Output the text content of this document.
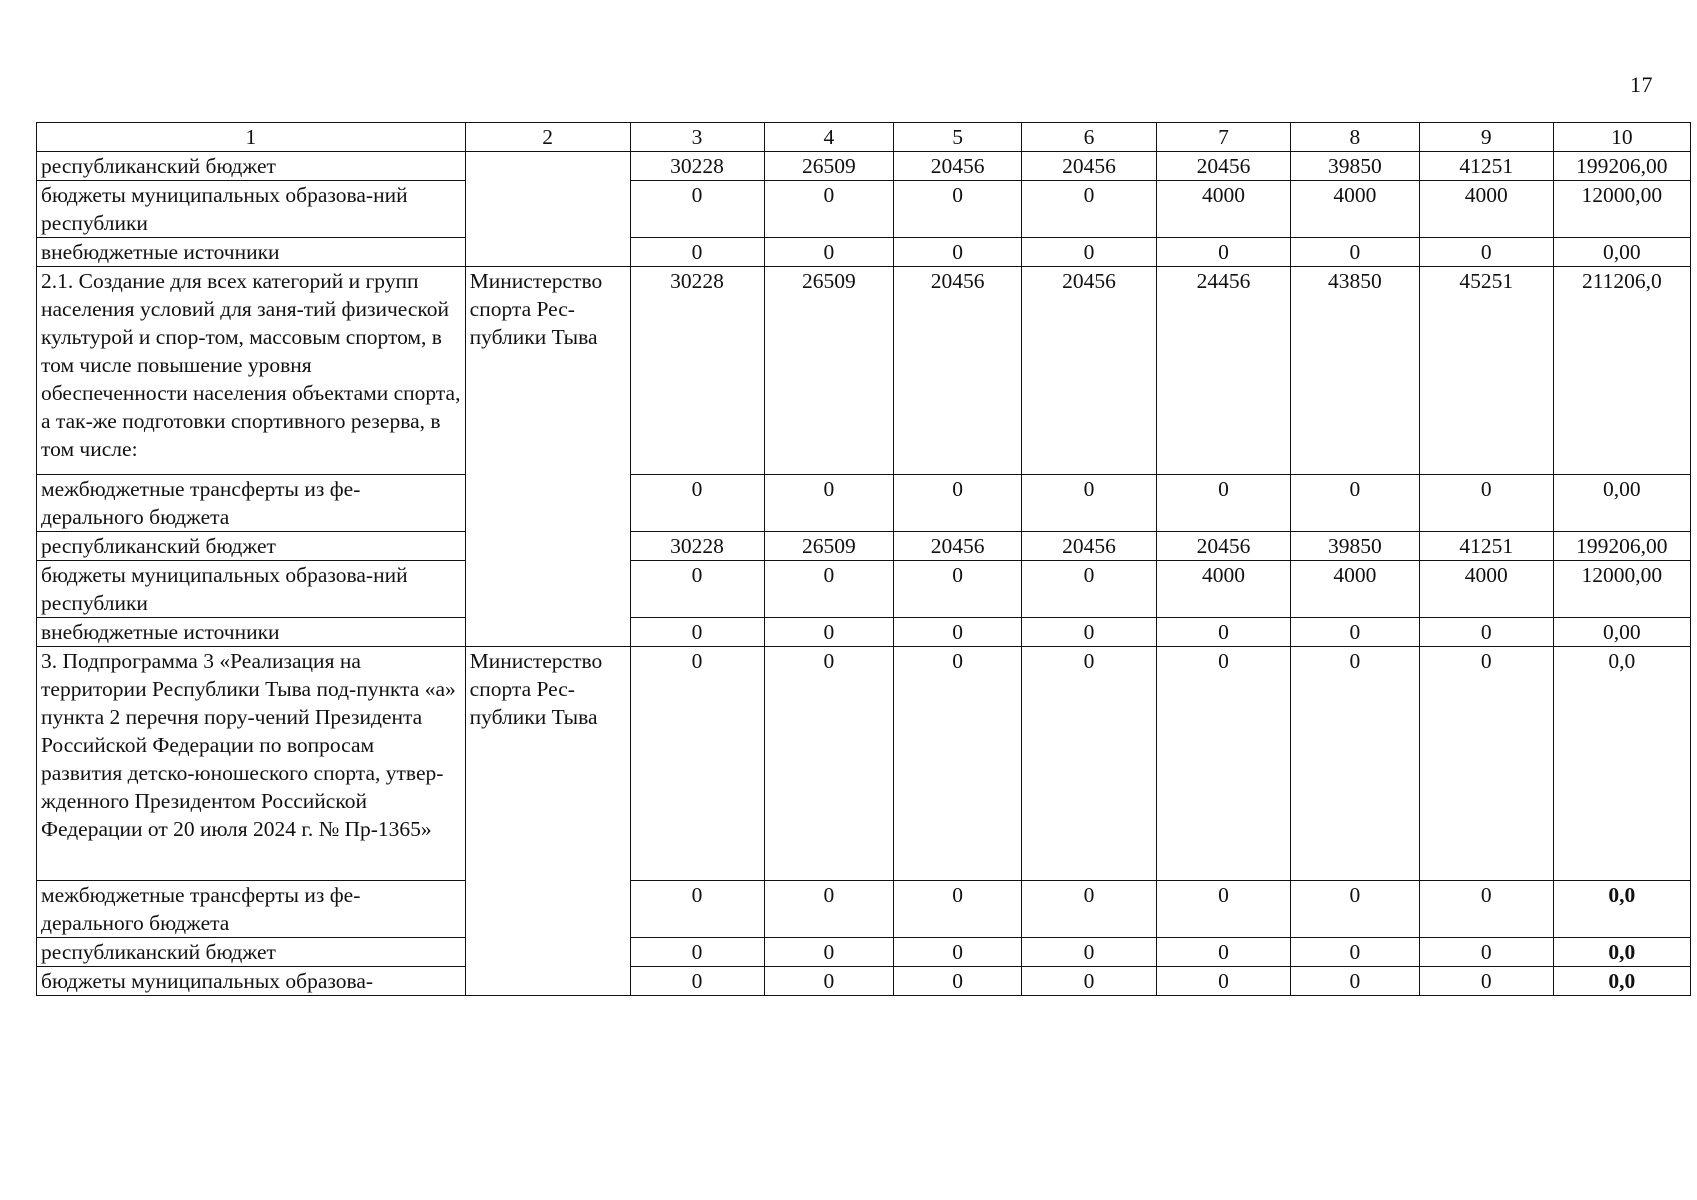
17
1	2	3	4	5	6	7	8	9	10
республиканский бюджет		30228	26509	20456	20456	20456	39850	41251	199206,00
бюджеты муниципальных образова-ний республики		0	0	0	0	4000	4000	4000	12000,00
внебюджетные источники		0	0	0	0	0	0	0	0,00
2.1. Создание для всех категорий и групп населения условий для заня-тий физической культурой и спор-том, массовым спортом, в том числе повышение уровня обеспеченности населения объектами спорта, а так-же подготовки спортивного резерва, в том числе:	Министерство спорта Рес-публики Тыва	30228	26509	20456	20456	24456	43850	45251	211206,0
межбюджетные трансферты из фе-дерального бюджета		0	0	0	0	0	0	0	0,00
республиканский бюджет		30228	26509	20456	20456	20456	39850	41251	199206,00
бюджеты муниципальных образова-ний республики		0	0	0	0	4000	4000	4000	12000,00
внебюджетные источники		0	0	0	0	0	0	0	0,00
3. Подпрограмма 3 «Реализация на территории Республики Тыва под-пункта «а» пункта 2 перечня пору-чений Президента Российской Федерации по вопросам развития детско-юношеского спорта, утвер-жденного Президентом Российской Федерации от 20 июля 2024 г. № Пр-1365»	Министерство спорта Рес-публики Тыва	0	0	0	0	0	0	0	0,0
межбюджетные трансферты из фе-дерального бюджета		0	0	0	0	0	0	0	0,0
республиканский бюджет		0	0	0	0	0	0	0	0,0
бюджеты муниципальных образова-		0	0	0	0	0	0	0	0,0
